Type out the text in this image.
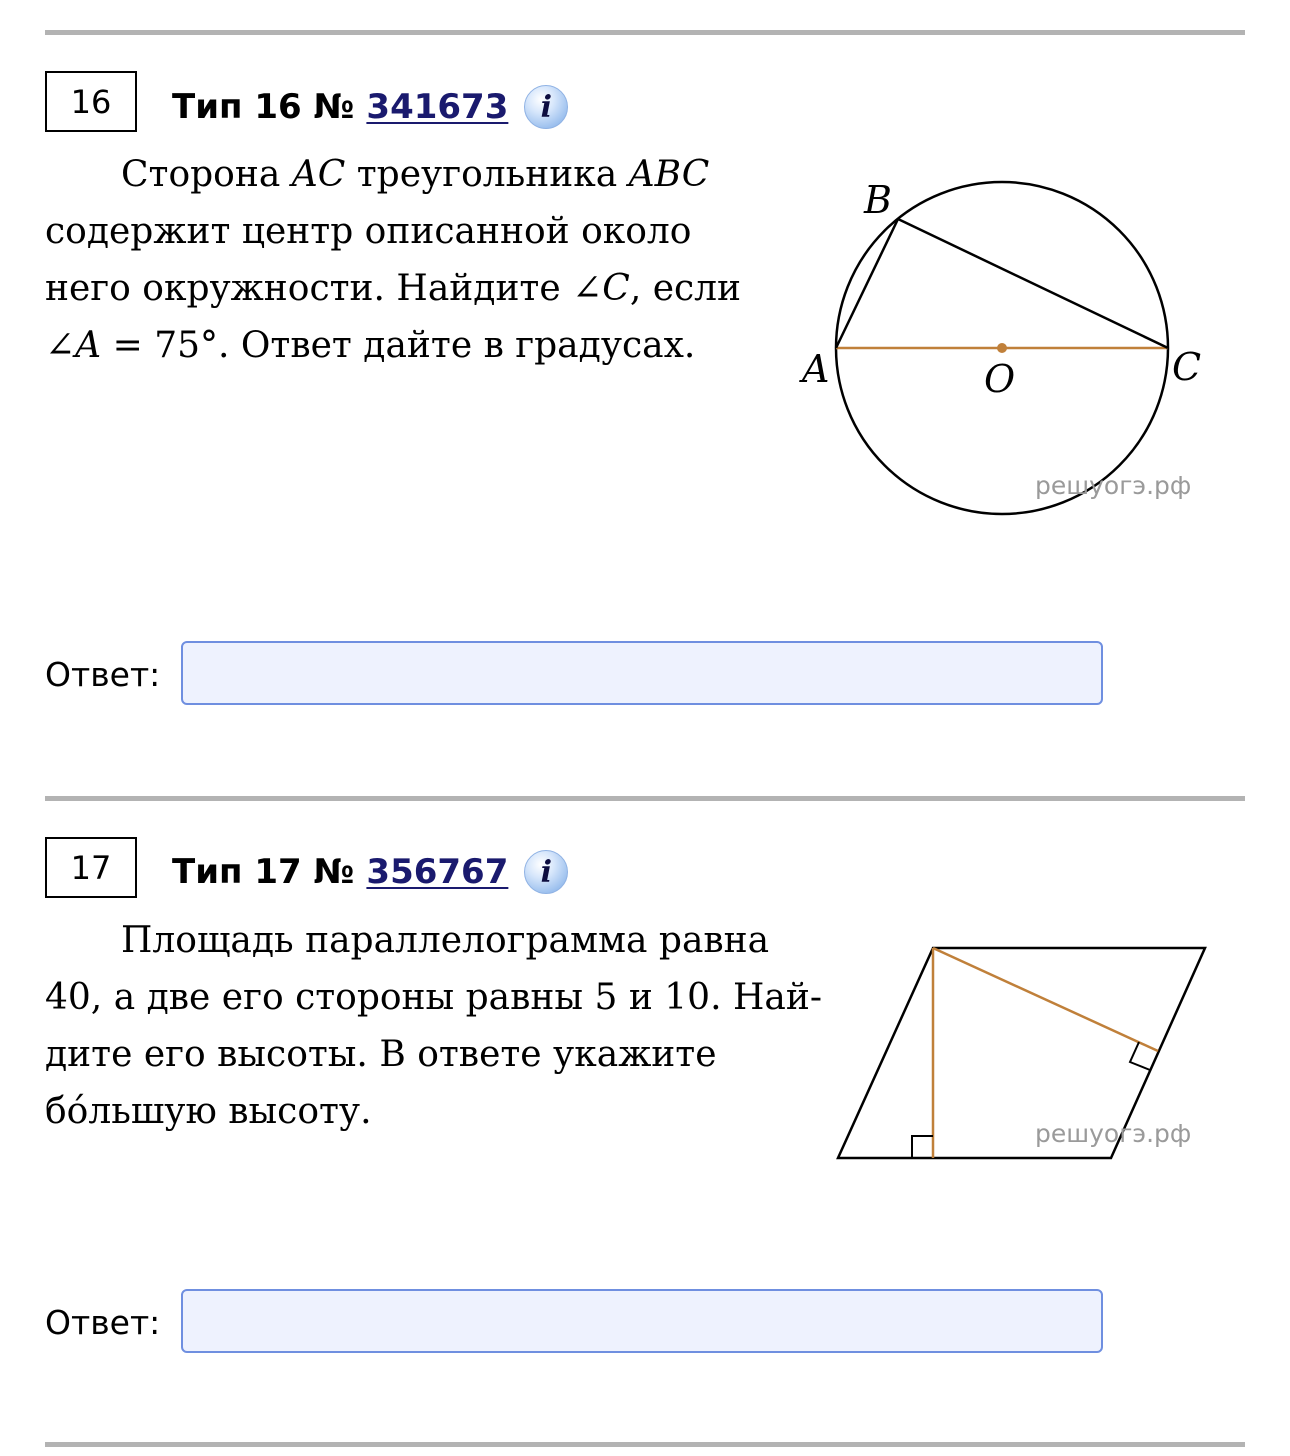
16	Тип 16 № 341673	i

Сторона AC треугольника ABC содержит центр описанной около него окружности. Найдите ∠C, если ∠A = 75°. Ответ дайте в градусах.

B
A	C
O
решуогэ.рф
Ответ:
17	Тип 17 № 356767	i
Площадь параллелограмма равна
40, а две его стороны равны 5 и 10. Най-
дите его высоты. В ответе укажите
бо́льшую высоту.
решуогэ.рф
Ответ:
